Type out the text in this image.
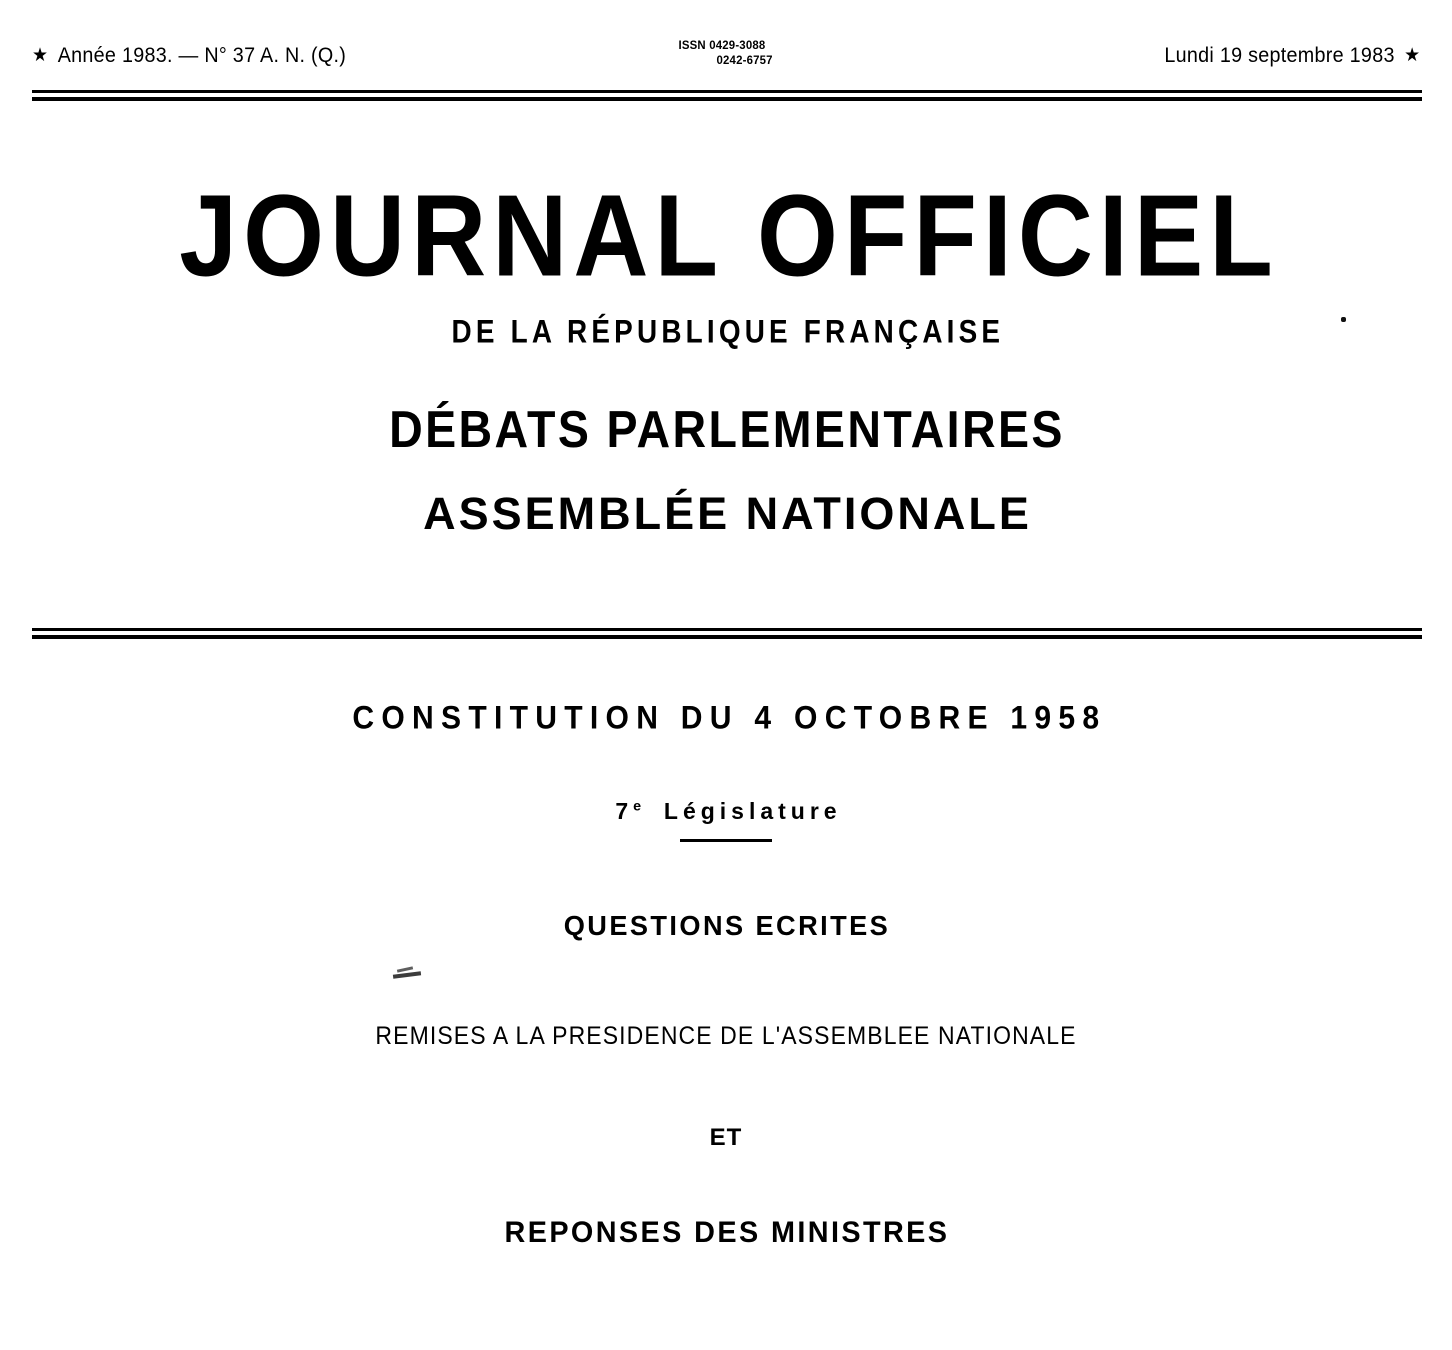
★ Année 1983. — N° 37 A. N. (Q.)	Lundi 19 septembre 1983 ★
ISSN 0429-3088
0242-6757
JOURNAL OFFICIEL
DE LA RÉPUBLIQUE FRANÇAISE
DÉBATS PARLEMENTAIRES
ASSEMBLÉE NATIONALE
CONSTITUTION DU 4 OCTOBRE 1958
7e Législature
QUESTIONS ECRITES
REMISES A LA PRESIDENCE DE L'ASSEMBLEE NATIONALE
ET
REPONSES DES MINISTRES
